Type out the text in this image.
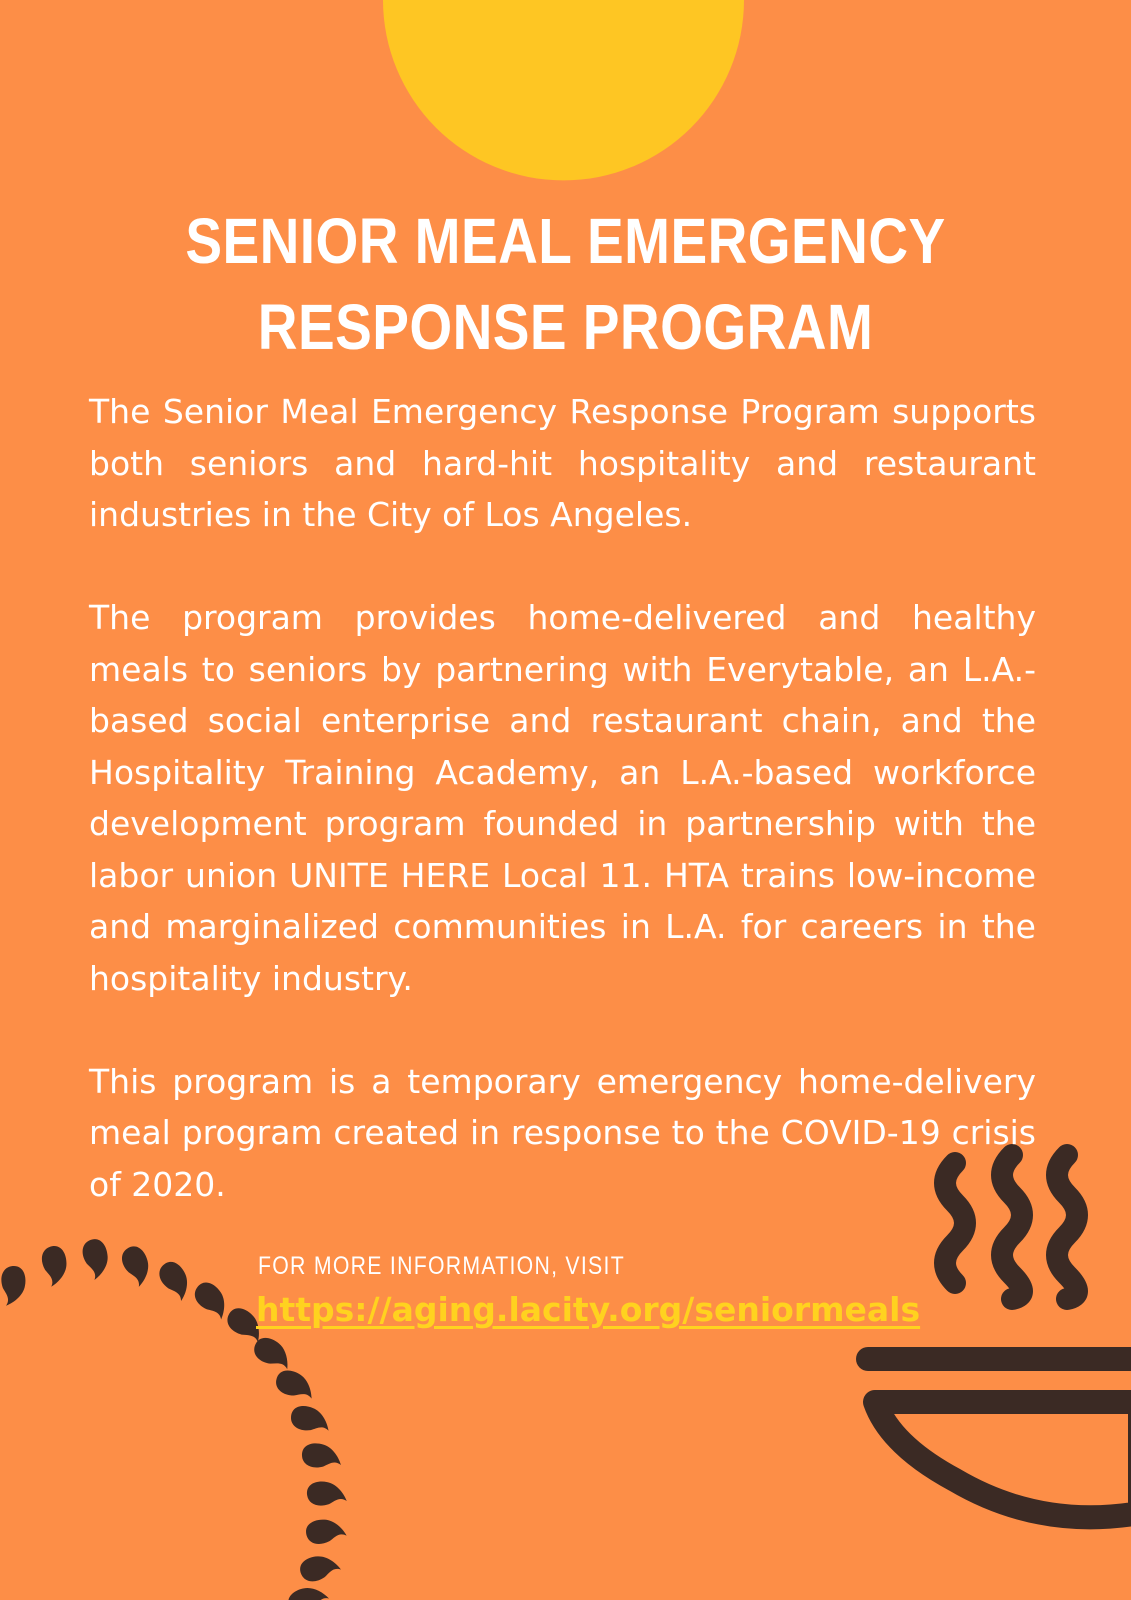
SENIOR MEAL EMERGENCY
RESPONSE PROGRAM

The Senior Meal Emergency Response Program supports both seniors and hard-hit hospitality and restaurant industries in the City of Los Angeles.

The program provides home-delivered and healthy meals to seniors by partnering with Everytable, an L.A.-based social enterprise and restaurant chain, and the Hospitality Training Academy, an L.A.-based workforce development program founded in partnership with the labor union UNITE HERE Local 11. HTA trains low-income and marginalized communities in L.A. for careers in the hospitality industry.

This program is a temporary emergency home-delivery meal program created in response to the COVID-19 crisis of 2020.

FOR MORE INFORMATION, VISIT
https://aging.lacity.org/seniormeals
